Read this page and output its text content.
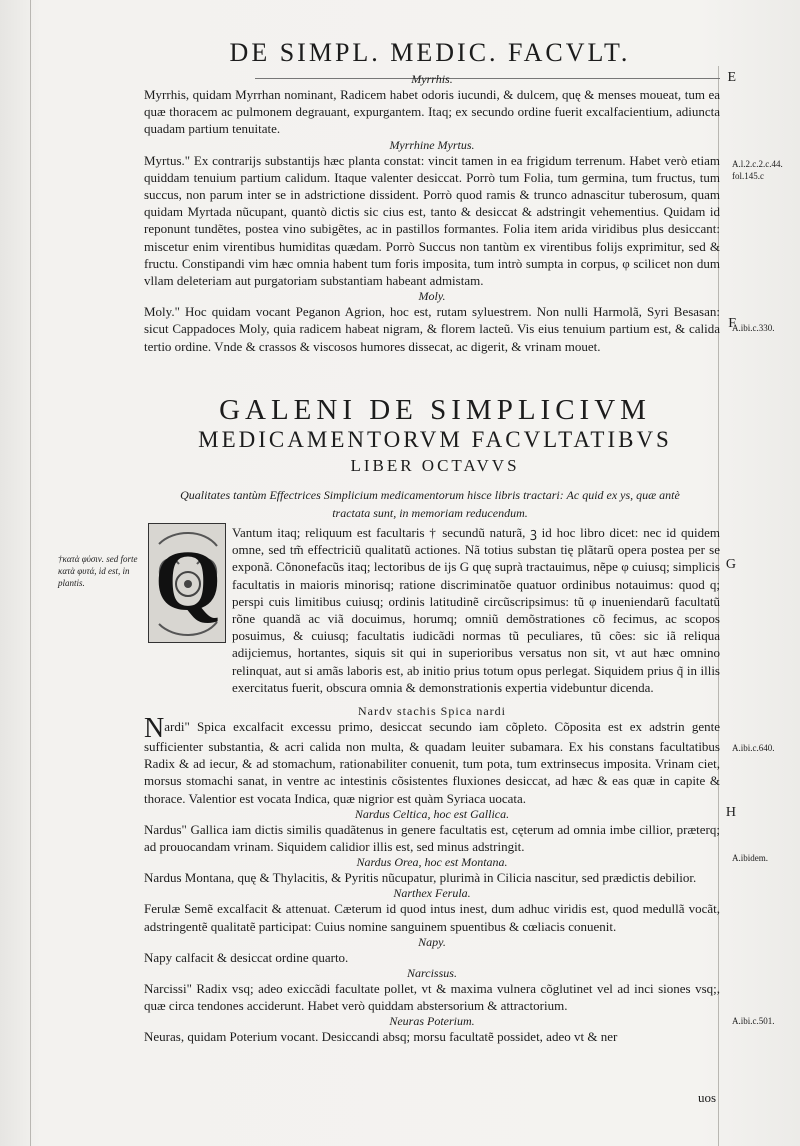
DE SIMPL. MEDIC. FACVLT.
E
F
G
H

Myrrhis.

Myrrhis, quidam Myrrhan nominant, Radicem habet odoris iucundi, & dulcem, quę & menses moueat, tum ea quæ thoracem ac pulmonem degrauant, expurgantem. Itaq; ex secundo ordine fuerit excalfacientium, adiuncta quadam partium tenuitate.

Myrrhine Myrtus.

Myrtus." Ex contrarijs substantijs hæc planta constat: vincit tamen in ea frigidum terrenum. Habet verò etiam quiddam tenuium partium calidum. Itaque valenter desiccat. Porrò tum Folia, tum germina, tum fructus, tum succus, non parum inter se in adstrictione dissident. Porrò quod ramis & trunco adnascitur tuberosum, quam quidam Myrtada nũcupant, quantò dictis sic cius est, tanto & desiccat & adstringit vehementius. Quidam id reponunt tundẽtes, postea vino subigẽtes, ac in pastillos formantes. Folia item arida viridibus plus desiccant: miscetur enim virentibus humiditas quædam. Porrò Succus non tantùm ex virentibus folijs exprimitur, sed & fructu. Constipandi vim hæc omnia habent tum foris imposita, tum intrò sumpta in corpus, φ scilicet non dum vllam deleteriam aut purgatoriam substantiam habeant admistam.

Moly.

Moly." Hoc quidam vocant Peganon Agrion, hoc est, rutam syluestrem. Non nulli Harmolã, Syri Besasan: sicut Cappadoces Moly, quia radicem habeat nigram, & florem lacteũ. Vis eius tenuium partium est, & calida tertio ordine. Vnde & crassos & viscosos humores dissecat, ac digerit, & vrinam mouet.

GALENI DE SIMPLICIVM
MEDICAMENTORVM FACVLTATIBVS
LIBER OCTAVVS
Qualitates tantùm Effectrices Simplicium medicamentorum hisce libris tractari: Ac quid ex ys, quæ antè tractata sunt, in memoriam reducendum.
Q Vantum itaq; reliquum est facultaris † secundũ naturã, ꝫ id hoc libro dicet: nec id quidem omne, sed tm̃ effectriciũ qualitatũ actiones. Nã totius substan tię plãtarũ opera postea per se exponã. Cõnonefacũs itaq; lectoribus de ijs G quę suprà tractauimus, nẽpe φ cuiusq; simplicis facultatis in maioris minorisq; ratione discriminatõe quatuor ordinibus notauimus: quod q; perspi cuis limitibus cuiusq; ordinis latitudinẽ circũscripsimus: tũ φ inueniendarũ facultatũ rõne quandã ac viã docuimus, horumq; omniũ demõstrationes cõ fecimus, ac scopos posuimus, & cuiusq; facultatis iudicãdi normas tũ peculiares, tũ cões: sic iã reliqua adijciemus, hortantes, siquis sit qui in superioribus versatus non sit, vt aut hæc omnino relinquat, aut si amãs laboris est, ab initio prius totum opus perlegat. Siquidem prius q̃ in illis exercitatus fuerit, obscura omnia & demonstrationis expertia videbuntur dicenda.

Nardv stachis Spica nardi

Nardi" Spica excalfacit excessu primo, desiccat secundo iam cõpleto. Cõposita est ex adstrin gente sufficienter substantia, & acri calida non multa, & quadam leuiter subamara. Ex his constans facultatibus Radix & ad iecur, & ad stomachum, rationabiliter conuenit, tum pota, tum extrinsecus imposita. Vrinam ciet, morsus stomachi sanat, in ventre ac intestinis cõsistentes fluxiones desiccat, ad hæc & eas quæ in capite & thorace. Valentior est vocata Indica, quæ nigrior est quàm Syriaca uocata.

Nardus Celtica, hoc est Gallica.

Nardus" Gallica iam dictis similis quadãtenus in genere facultatis est, cęterum ad omnia imbe cillior, præterq; ad prouocandam vrinam. Siquidem calidior illis est, sed minus adstringit.

Nardus Orea, hoc est Montana.

Nardus Montana, quę & Thylacitis, & Pyritis nũcupatur, plurimà in Cilicia nascitur, sed prædictis debilior.

Narthex Ferula.

Ferulæ Semẽ excalfacit & attenuat. Cæterum id quod intus inest, dum adhuc viridis est, quod medullã vocãt, adstringentẽ qualitatẽ participat: Cuius nomine sanguinem spuentibus & cœliacis conuenit.

Napy.

Napy calfacit & desiccat ordine quarto.

Narcissus.

Narcissi" Radix vsq; adeo exiccãdi facultate pollet, vt & maxima vulnera cõglutinet vel ad inci siones vsq;, quæ circa tendones acciderunt. Habet verò quiddam abstersorium & attractorium.

Neuras Poterium.

Neuras, quidam Poterium vocant. Desiccandi absq; morsu facultatẽ possidet, adeo vt & ner

uos
A.l.2.c.2.c.44. fol.145.c
A.ibi.c.330.
A.ibi.c.640.
A.ibidem.
A.ibi.c.501.
†κατὰ φύσιν. sed forte κατὰ φυτά, id est, in plantis.
